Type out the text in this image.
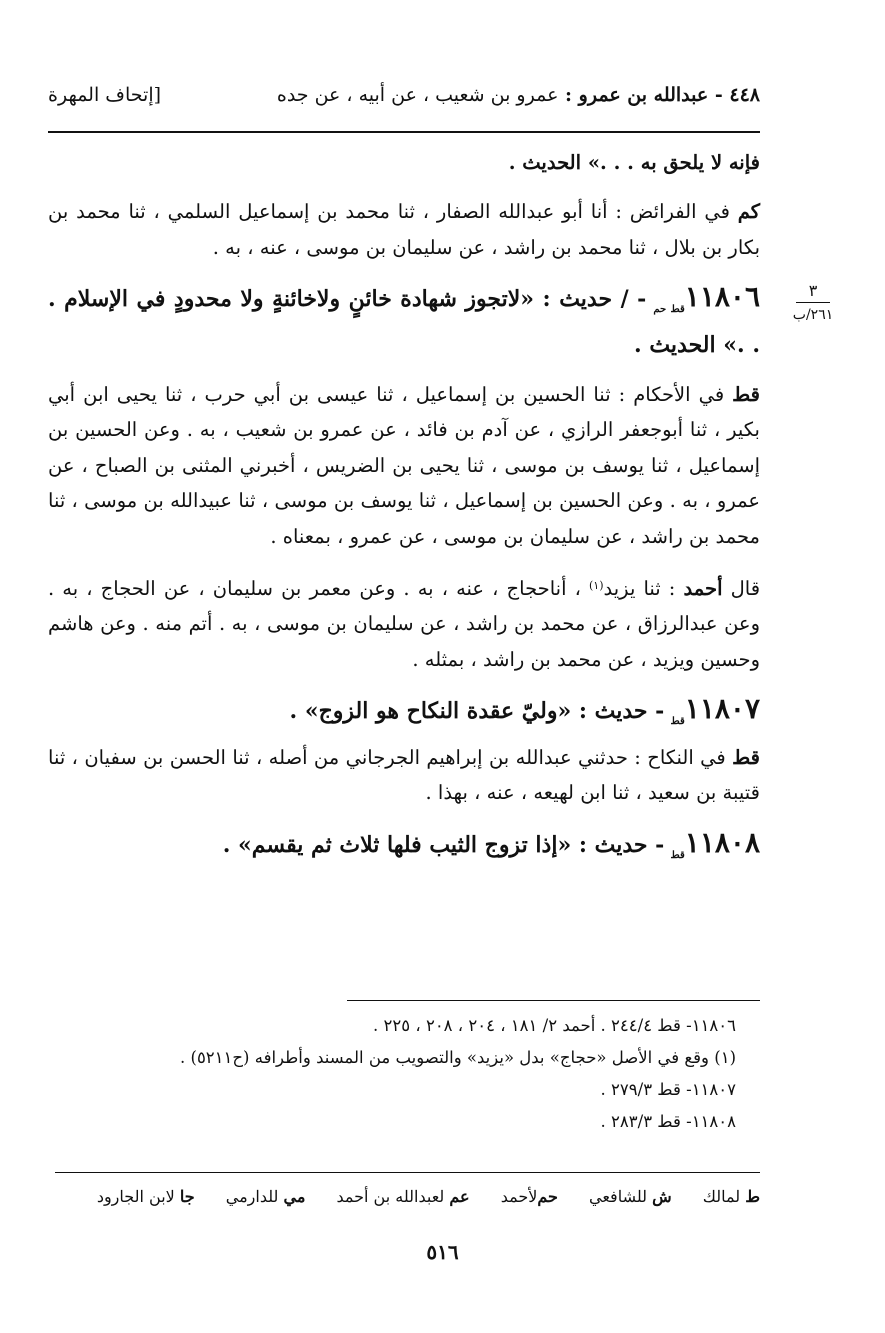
٤٤٨ - عبدالله بن عمرو : عمرو بن شعيب ، عن أبيه ، عن جده
[إتحاف المهرة
٣
٢٦١/ب

فإنه لا يلحق به . . .» الحديث .

كم في الفرائض : أنا أبو عبدالله الصفار ، ثنا محمد بن إسماعيل السلمي ، ثنا محمد بن بكار بن بلال ، ثنا محمد بن راشد ، عن سليمان بن موسى ، عنه ، به .

$١١٨٠٦_{قط حم}$ - / حديث : «لاتجوز شهادة خائنٍ ولاخائنةٍ ولا محدودٍ في الإسلام . . .» الحديث .

قط في الأحكام : ثنا الحسين بن إسماعيل ، ثنا عيسى بن أبي حرب ، ثنا يحيى ابن أبي بكير ، ثنا أبوجعفر الرازي ، عن آدم بن فائد ، عن عمرو بن شعيب ، به . وعن الحسين بن إسماعيل ، ثنا يوسف بن موسى ، ثنا يحيى بن الضريس ، أخبرني المثنى بن الصباح ، عن عمرو ، به . وعن الحسين بن إسماعيل ، ثنا يوسف بن موسى ، ثنا عبيدالله بن موسى ، ثنا محمد بن راشد ، عن سليمان بن موسى ، عن عمرو ، بمعناه .

قال أحمد : ثنا يزيد$^{(١)}$ ، أناحجاج ، عنه ، به . وعن معمر بن سليمان ، عن الحجاج ، به . وعن عبدالرزاق ، عن محمد بن راشد ، عن سليمان بن موسى ، به . أتم منه . وعن هاشم وحسين ويزيد ، عن محمد بن راشد ، بمثله .

$١١٨٠٧_{قط}$ - حديث : «وليّ عقدة النكاح هو الزوج» .

قط في النكاح : حدثني عبدالله بن إبراهيم الجرجاني من أصله ، ثنا الحسن بن سفيان ، ثنا قتيبة بن سعيد ، ثنا ابن لهيعه ، عنه ، بهذا .

$١١٨٠٨_{قط}$ - حديث : «إذا تزوج الثيب فلها ثلاث ثم يقسم» .

١١٨٠٦- قط ٢٤٤/٤ . أحمد ٢/ ١٨١ ، ٢٠٤ ، ٢٠٨ ، ٢٢٥ .
(١) وقع في الأصل «حجاج» بدل «يزيد» والتصويب من المسند وأطرافه (ح٥٢١١) .
١١٨٠٧- قط ٢٧٩/٣ .
١١٨٠٨- قط ٢٨٣/٣ .
ط لمالك ش للشافعي حملأحمد عم لعبدالله بن أحمد مي للدارمي جا لابن الجارود
٥١٦
